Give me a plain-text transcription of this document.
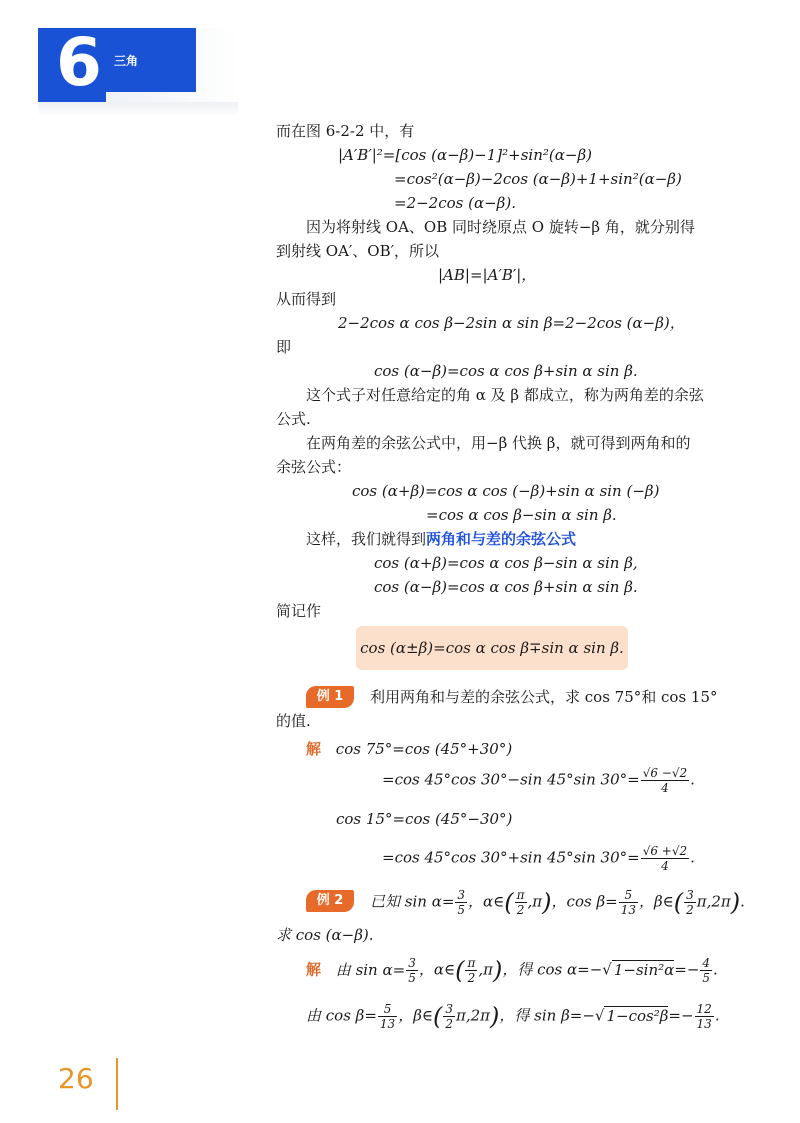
6 三角
而在图 6-2-2 中，有
|A′B′|²=[cos (α−β)−1]²+sin²(α−β)
=cos²(α−β)−2cos (α−β)+1+sin²(α−β)
=2−2cos (α−β).
因为将射线 OA、OB 同时绕原点 O 旋转−β 角，就分别得
到射线 OA′、OB′，所以
|AB|=|A′B′|，
从而得到
2−2cos α cos β−2sin α sin β=2−2cos (α−β)，
即
cos (α−β)=cos α cos β+sin α sin β.
这个式子对任意给定的角 α 及 β 都成立，称为两角差的余弦
公式.
在两角差的余弦公式中，用−β 代换 β，就可得到两角和的
余弦公式：
cos (α+β)=cos α cos (−β)+sin α sin (−β)
=cos α cos β−sin α sin β.
这样，我们就得到两角和与差的余弦公式
cos (α+β)=cos α cos β−sin α sin β,
cos (α−β)=cos α cos β+sin α sin β.
简记作
cos (α±β)=cos α cos β∓sin α sin β.
例 1	利用两角和与差的余弦公式，求 cos 75°和 cos 15°
的值.
解 cos 75°=cos (45°+30°)
=cos 45°cos 30°−sin 45°sin $30^\circ= \frac{√6 -√2}{4}$ .
cos 15°=cos (45°−30°)
=cos 45°cos 30°+sin 45°sin $30^\circ= \frac{√6 +√2}{4}$ .
例 2	已知 $\sin \alpha= \frac{3}{5}$ ，α∈( $\frac{\pi}{2} ,\pi$)，$\cos \beta= \frac{5}{13}$ ，β∈( $\frac{3}{2} \pi,2\pi$).
求 cos (α−β).
解 由 $\sin \alpha= \frac{3}{5}$ ，α∈( $\frac{\pi}{2} ,\pi$)，得 cos α=−√ $1-\sin^2\alpha=- \frac{4}{5}$ .
由 $\cos \beta= \frac{5}{13}$ ，β∈( $\frac{3}{2} \pi,2\pi$)，得 sin β=−√ $1-\cos^2\beta=- \frac{12}{13}$ .
26
